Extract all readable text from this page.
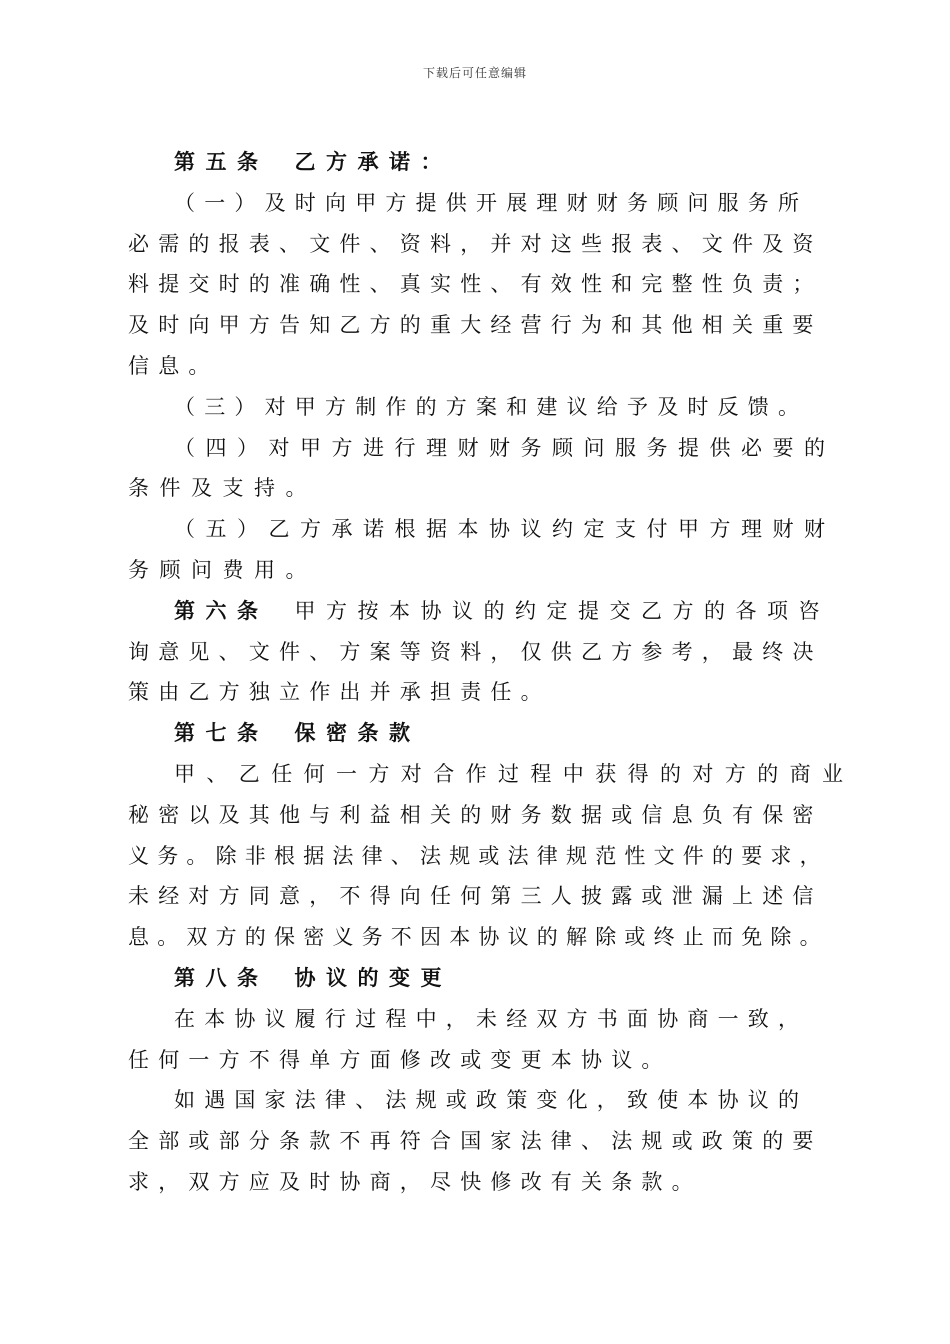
下载后可任意编辑
第五条 乙方承诺：
（一）及时向甲方提供开展理财财务顾问服务所
必需的报表、文件、资料，并对这些报表、文件及资
料提交时的准确性、真实性、有效性和完整性负责；
及时向甲方告知乙方的重大经营行为和其他相关重要
信息。
（三）对甲方制作的方案和建议给予及时反馈。
（四）对甲方进行理财财务顾问服务提供必要的
条件及支持。
（五）乙方承诺根据本协议约定支付甲方理财财
务顾问费用。
第六条 甲方按本协议的约定提交乙方的各项咨
询意见、文件、方案等资料，仅供乙方参考，最终决
策由乙方独立作出并承担责任。
第七条 保密条款
甲、乙任何一方对合作过程中获得的对方的商业
秘密以及其他与利益相关的财务数据或信息负有保密
义务。除非根据法律、法规或法律规范性文件的要求，
未经对方同意，不得向任何第三人披露或泄漏上述信
息。双方的保密义务不因本协议的解除或终止而免除。
第八条 协议的变更
在本协议履行过程中，未经双方书面协商一致，
任何一方不得单方面修改或变更本协议。
如遇国家法律、法规或政策变化，致使本协议的
全部或部分条款不再符合国家法律、法规或政策的要
求，双方应及时协商，尽快修改有关条款。
